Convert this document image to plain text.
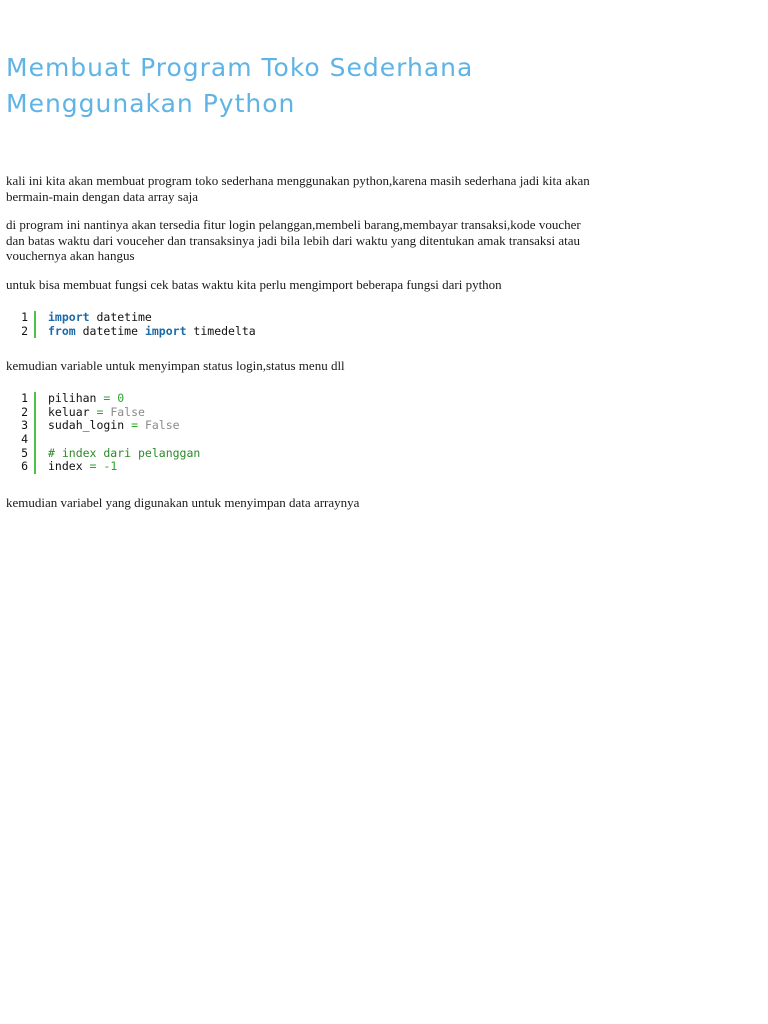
Membuat Program Toko Sederhana
Menggunakan Python

kali ini kita akan membuat program toko sederhana menggunakan python,karena masih sederhana jadi kita akan
bermain-main dengan data array saja

di program ini nantinya akan tersedia fitur login pelanggan,membeli barang,membayar transaksi,kode voucher
dan batas waktu dari vouceher dan transaksinya jadi bila lebih dari waktu yang ditentukan amak transaksi atau
vouchernya akan hangus

untuk bisa membuat fungsi cek batas waktu kita perlu mengimport beberapa fungsi dari python

1	import datetime
2	from datetime import timedelta

kemudian variable untuk menyimpan status login,status menu dll

1	pilihan = 0
2	keluar = False
3	sudah_login = False
4
5	# index dari pelanggan
6	index = -1

kemudian variabel yang digunakan untuk menyimpan data arraynya
